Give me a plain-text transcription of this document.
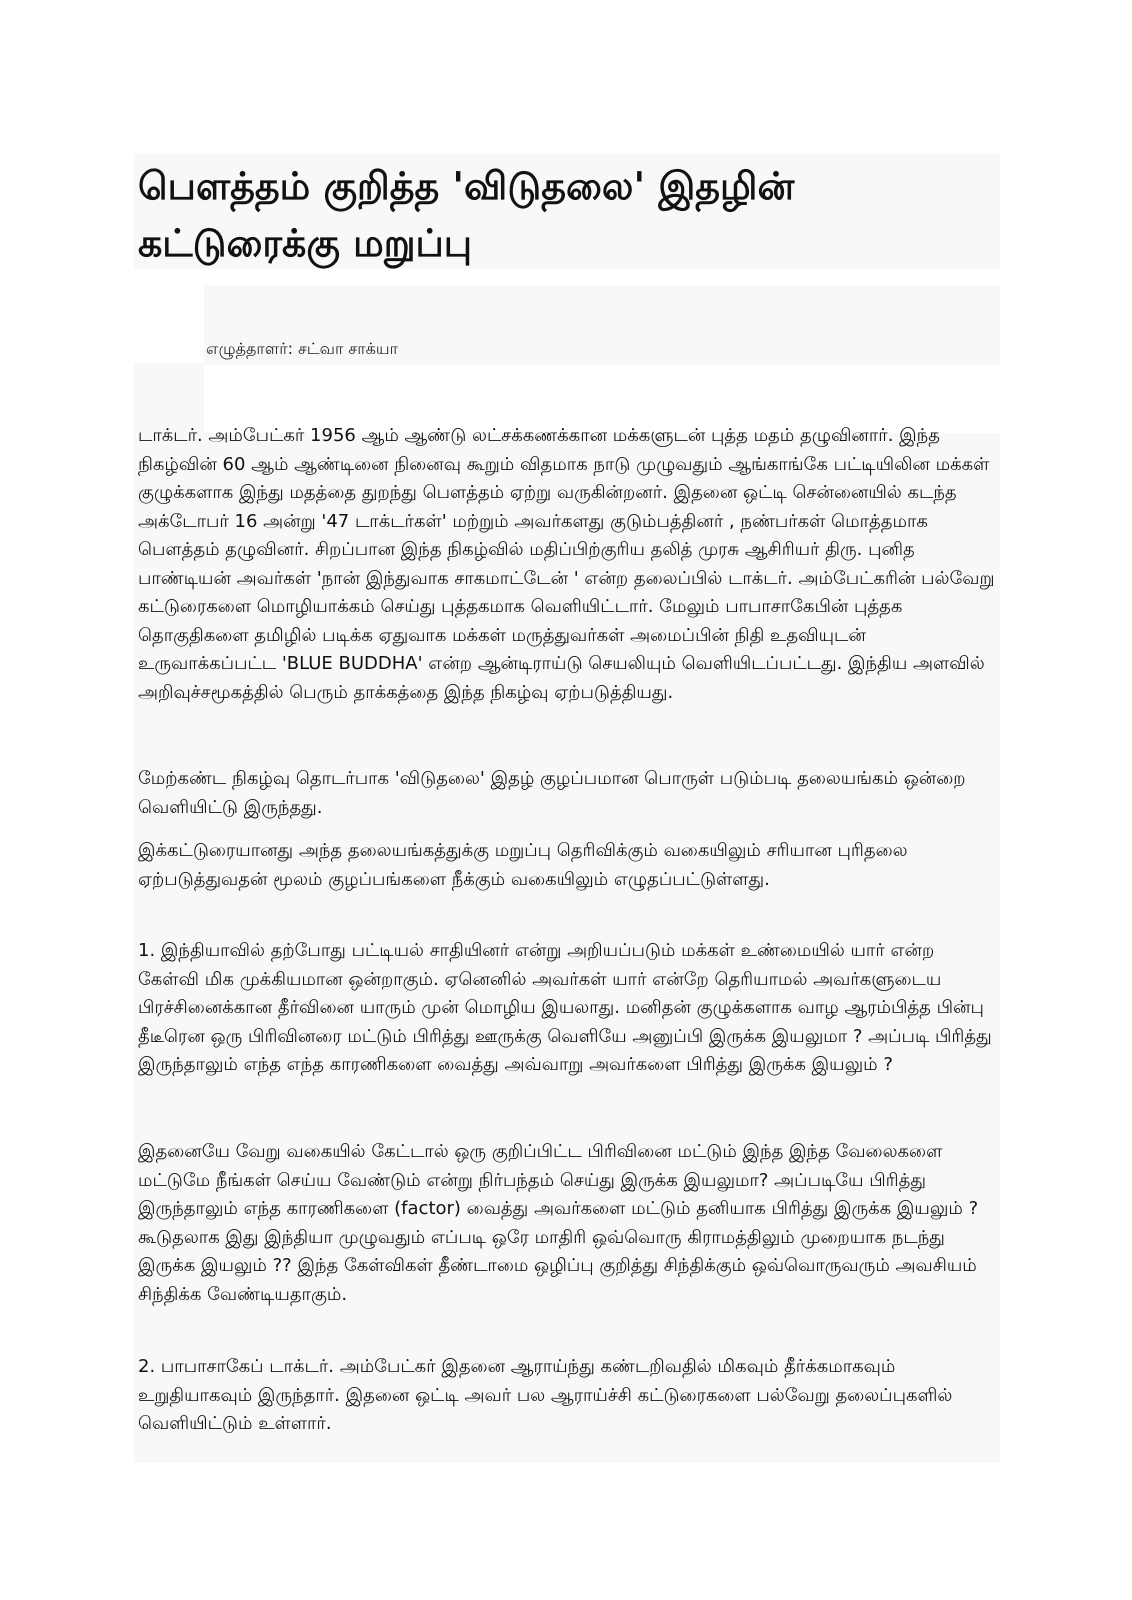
பௌத்தம் குறித்த 'விடுதலை' இதழின் கட்டுரைக்கு மறுப்பு
எழுத்தாளர்: சட்வா சாக்யா

டாக்டர். அம்பேட்கர் 1956 ஆம் ஆண்டு லட்சக்கணக்கான மக்களுடன் புத்த மதம் தழுவினார். இந்த நிகழ்வின் 60 ஆம் ஆண்டினை நினைவு கூறும் விதமாக நாடு முழுவதும் ஆங்காங்கே பட்டியிலின மக்கள் குழுக்களாக இந்து மதத்தை துறந்து பௌத்தம் ஏற்று வருகின்றனர். இதனை ஒட்டி சென்னையில் கடந்த அக்டோபர் 16 அன்று '47 டாக்டர்கள்' மற்றும் அவர்களது குடும்பத்தினர் , நண்பர்கள் மொத்தமாக பௌத்தம் தழுவினர். சிறப்பான இந்த நிகழ்வில் மதிப்பிற்குரிய தலித் முரசு ஆசிரியர் திரு. புனித பாண்டியன் அவர்கள் 'நான் இந்துவாக சாகமாட்டேன் ' என்ற தலைப்பில் டாக்டர். அம்பேட்கரின் பல்வேறு கட்டுரைகளை மொழியாக்கம் செய்து புத்தகமாக வெளியிட்டார். மேலும் பாபாசாகேபின் புத்தக தொகுதிகளை தமிழில் படிக்க ஏதுவாக மக்கள் மருத்துவர்கள் அமைப்பின் நிதி உதவியுடன் உருவாக்கப்பட்ட 'BLUE BUDDHA' என்ற ஆன்டிராய்டு செயலியும் வெளியிடப்பட்டது. இந்திய அளவில் அறிவுச்சமூகத்தில் பெரும் தாக்கத்தை இந்த நிகழ்வு ஏற்படுத்தியது.

மேற்கண்ட நிகழ்வு தொடர்பாக 'விடுதலை' இதழ் குழப்பமான பொருள் படும்படி தலையங்கம் ஒன்றை வெளியிட்டு இருந்தது.

இக்கட்டுரையானது அந்த தலையங்கத்துக்கு மறுப்பு தெரிவிக்கும் வகையிலும் சரியான புரிதலை ஏற்படுத்துவதன் மூலம் குழப்பங்களை நீக்கும் வகையிலும் எழுதப்பட்டுள்ளது.

1. இந்தியாவில் தற்போது பட்டியல் சாதியினர் என்று அறியப்படும் மக்கள் உண்மையில் யார் என்ற கேள்வி மிக முக்கியமான ஒன்றாகும். ஏனெனில் அவர்கள் யார் என்றே தெரியாமல் அவர்களுடைய பிரச்சினைக்கான தீர்வினை யாரும் முன் மொழிய இயலாது. மனிதன் குழுக்களாக வாழ ஆரம்பித்த பின்பு தீடீரென ஒரு பிரிவினரை மட்டும் பிரித்து ஊருக்கு வெளியே அனுப்பி இருக்க இயலுமா ? அப்படி பிரித்து இருந்தாலும் எந்த எந்த காரணிகளை வைத்து அவ்வாறு அவர்களை பிரித்து இருக்க இயலும் ?

இதனையே வேறு வகையில் கேட்டால் ஒரு குறிப்பிட்ட பிரிவினை மட்டும் இந்த இந்த வேலைகளை மட்டுமே நீங்கள் செய்ய வேண்டும் என்று நிர்பந்தம் செய்து இருக்க இயலுமா? அப்படியே பிரித்து இருந்தாலும் எந்த காரணிகளை (factor) வைத்து அவர்களை மட்டும் தனியாக பிரித்து இருக்க இயலும் ? கூடுதலாக இது இந்தியா முழுவதும் எப்படி ஒரே மாதிரி ஒவ்வொரு கிராமத்திலும் முறையாக நடந்து இருக்க இயலும் ?? இந்த கேள்விகள் தீண்டாமை ஒழிப்பு குறித்து சிந்திக்கும் ஒவ்வொருவரும் அவசியம் சிந்திக்க வேண்டியதாகும்.

2. பாபாசாகேப் டாக்டர். அம்பேட்கர் இதனை ஆராய்ந்து கண்டறிவதில் மிகவும் தீர்க்கமாகவும் உறுதியாகவும் இருந்தார். இதனை ஒட்டி அவர் பல ஆராய்ச்சி கட்டுரைகளை பல்வேறு தலைப்புகளில் வெளியிட்டும் உள்ளார்.
